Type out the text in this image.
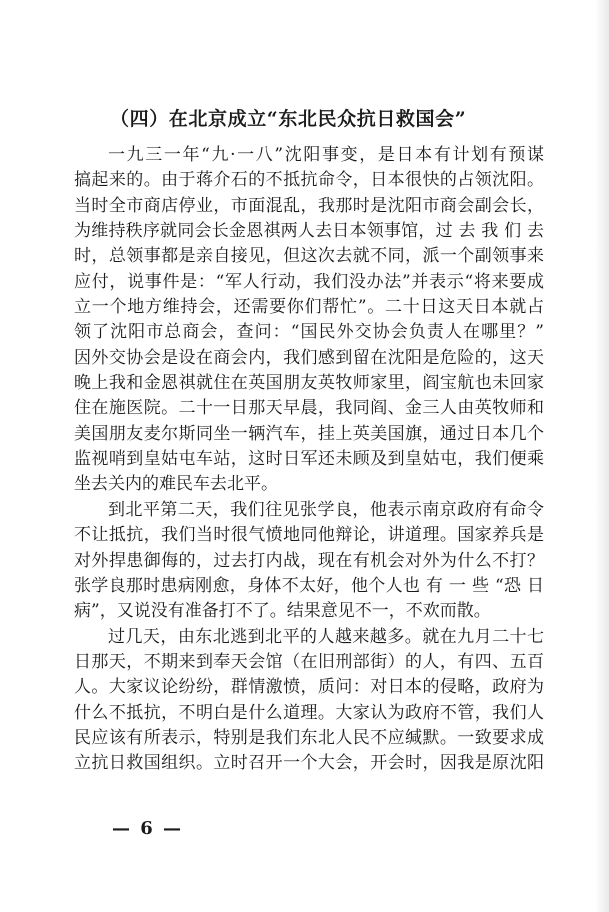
（四）在北京成立“东北民众抗日救国会”
一九三一年“九·一八”沈阳事变，是日本有计划有预谋
搞起来的。由于蒋介石的不抵抗命令，日本很快的占领沈阳。
当时全市商店停业，市面混乱，我那时是沈阳市商会副会长，
为维持秩序就同会长金恩祺两人去日本领事馆，过 去 我 们 去
时，总领事都是亲自接见，但这次去就不同，派一个副领事来
应付，说事件是：“军人行动，我们没办法”并表示“将来要成
立一个地方维持会，还需要你们帮忙”。二十日这天日本就占
领了沈阳市总商会，查问：“国民外交协会负责人在哪里？”
因外交协会是设在商会内，我们感到留在沈阳是危险的，这天
晚上我和金恩祺就住在英国朋友英牧师家里，阎宝航也未回家
住在施医院。二十一日那天早晨，我同阎、金三人由英牧师和
美国朋友麦尔斯同坐一辆汽车，挂上英美国旗，通过日本几个
监视哨到皇姑屯车站，这时日军还未顾及到皇姑屯，我们便乘
坐去关内的难民车去北平。
到北平第二天，我们往见张学良，他表示南京政府有命令
不让抵抗，我们当时很气愤地同他辩论，讲道理。国家养兵是
对外捍患御侮的，过去打内战，现在有机会对外为什么不打？
张学良那时患病刚愈，身体不太好，他个人也 有 一 些 “恐 日
病”，又说没有准备打不了。结果意见不一，不欢而散。
过几天，由东北逃到北平的人越来越多。就在九月二十七
日那天，不期来到奉天会馆（在旧刑部街）的人，有四、五百
人。大家议论纷纷，群情激愤，质问：对日本的侵略，政府为
什么不抵抗，不明白是什么道理。大家认为政府不管，我们人
民应该有所表示，特别是我们东北人民不应缄默。一致要求成
立抗日救国组织。立时召开一个大会，开会时，因我是原沈阳
— 6 —
